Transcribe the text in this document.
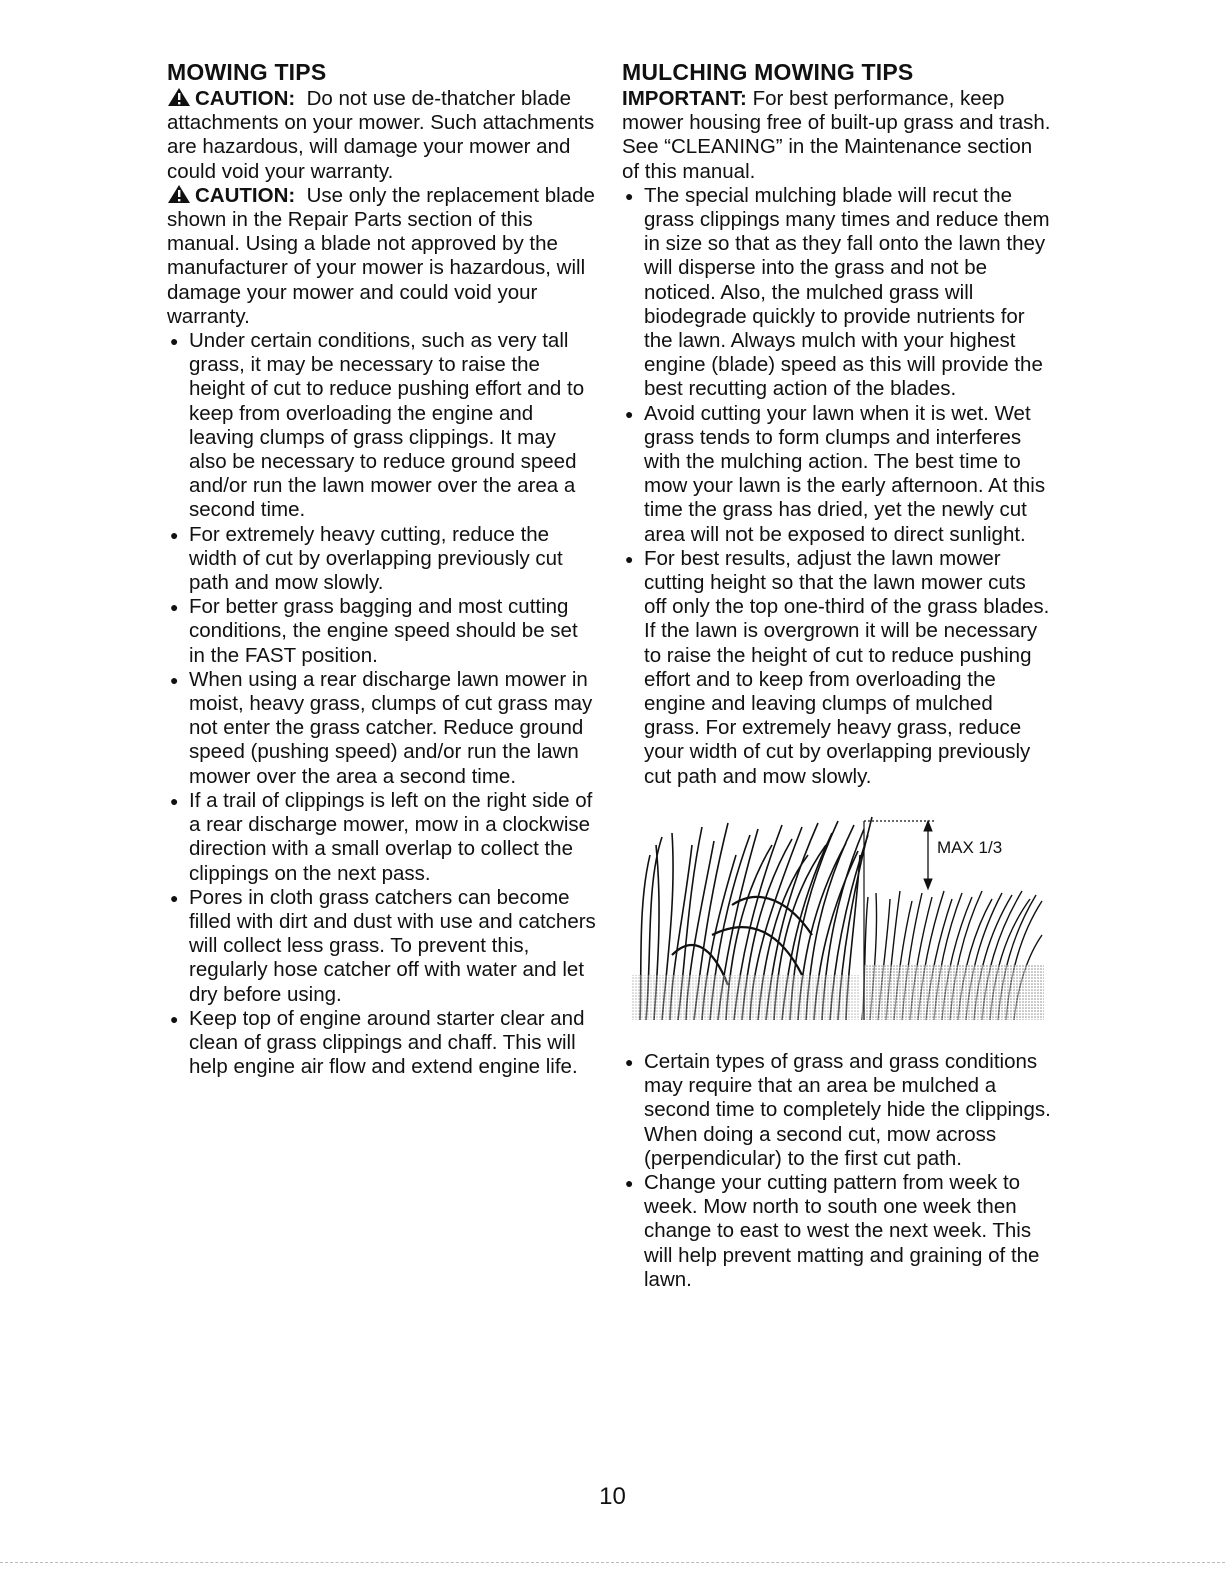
MOWING TIPS

CAUTION: Do not use de-thatcher blade attachments on your mower. Such attachments are hazardous, will damage your mower and could void your warranty.

CAUTION: Use only the replacement blade shown in the Repair Parts section of this manual. Using a blade not approved by the manufacturer of your mower is hazardous, will damage your mower and could void your warranty.

● Under certain conditions, such as very tall grass, it may be necessary to raise the height of cut to reduce pushing effort and to keep from overloading the engine and leaving clumps of grass clippings. It may also be necessary to reduce ground speed and/or run the lawn mower over the area a second time.
● For extremely heavy cutting, reduce the width of cut by overlapping previously cut path and mow slowly.
● For better grass bagging and most cutting conditions, the engine speed should be set in the FAST position.
● When using a rear discharge lawn mower in moist, heavy grass, clumps of cut grass may not enter the grass catcher. Reduce ground speed (pushing speed) and/or run the lawn mower over the area a second time.
● If a trail of clippings is left on the right side of a rear discharge mower, mow in a clockwise direction with a small overlap to collect the clippings on the next pass.
● Pores in cloth grass catchers can become filled with dirt and dust with use and catchers will collect less grass. To prevent this, regularly hose catcher off with water and let dry before using.
● Keep top of engine around starter clear and clean of grass clippings and chaff. This will help engine air flow and extend engine life.
MULCHING MOWING TIPS

IMPORTANT: For best performance, keep mower housing free of built-up grass and trash. See “CLEANING” in the Maintenance section of this manual.

● The special mulching blade will recut the grass clippings many times and reduce them in size so that as they fall onto the lawn they will disperse into the grass and not be noticed. Also, the mulched grass will biodegrade quickly to provide nutrients for the lawn. Always mulch with your highest engine (blade) speed as this will provide the best recutting action of the blades.
● Avoid cutting your lawn when it is wet. Wet grass tends to form clumps and interferes with the mulching action. The best time to mow your lawn is the early afternoon. At this time the grass has dried, yet the newly cut area will not be exposed to direct sunlight.
● For best results, adjust the lawn mower cutting height so that the lawn mower cuts off only the top one-third of the grass blades. If the lawn is overgrown it will be necessary to raise the height of cut to reduce pushing effort and to keep from overloading the engine and leaving clumps of mulched grass. For extremely heavy grass, reduce your width of cut by overlapping previously cut path and mow slowly.
MAX 1/3
● Certain types of grass and grass conditions may require that an area be mulched a second time to completely hide the clippings. When doing a second cut, mow across (perpendicular) to the first cut path.
● Change your cutting pattern from week to week. Mow north to south one week then change to east to west the next week. This will help prevent matting and graining of the lawn.
10
